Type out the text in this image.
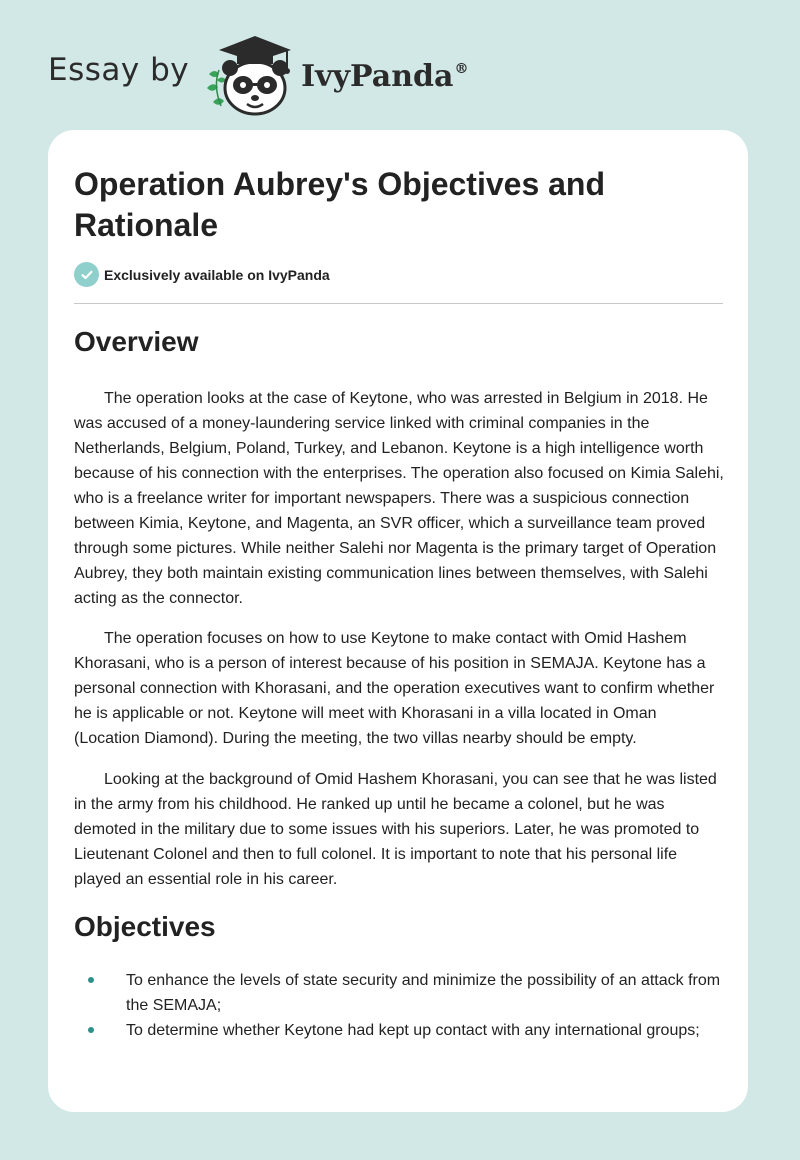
Essay by	IvyPanda®
Operation Aubrey's Objectives and Rationale
Exclusively available on IvyPanda
Overview

The operation looks at the case of Keytone, who was arrested in Belgium in 2018. He was accused of a money-laundering service linked with criminal companies in the Netherlands, Belgium, Poland, Turkey, and Lebanon. Keytone is a high intelligence worth because of his connection with the enterprises. The operation also focused on Kimia Salehi, who is a freelance writer for important newspapers. There was a suspicious connection between Kimia, Keytone, and Magenta, an SVR officer, which a surveillance team proved through some pictures. While neither Salehi nor Magenta is the primary target of Operation Aubrey, they both maintain existing communication lines between themselves, with Salehi acting as the connector.

The operation focuses on how to use Keytone to make contact with Omid Hashem Khorasani, who is a person of interest because of his position in SEMAJA. Keytone has a personal connection with Khorasani, and the operation executives want to confirm whether he is applicable or not. Keytone will meet with Khorasani in a villa located in Oman (Location Diamond). During the meeting, the two villas nearby should be empty.

Looking at the background of Omid Hashem Khorasani, you can see that he was listed in the army from his childhood. He ranked up until he became a colonel, but he was demoted in the military due to some issues with his superiors. Later, he was promoted to Lieutenant Colonel and then to full colonel. It is important to note that his personal life played an essential role in his career.

Objectives
To enhance the levels of state security and minimize the possibility of an attack from the SEMAJA;
To determine whether Keytone had kept up contact with any international groups;
